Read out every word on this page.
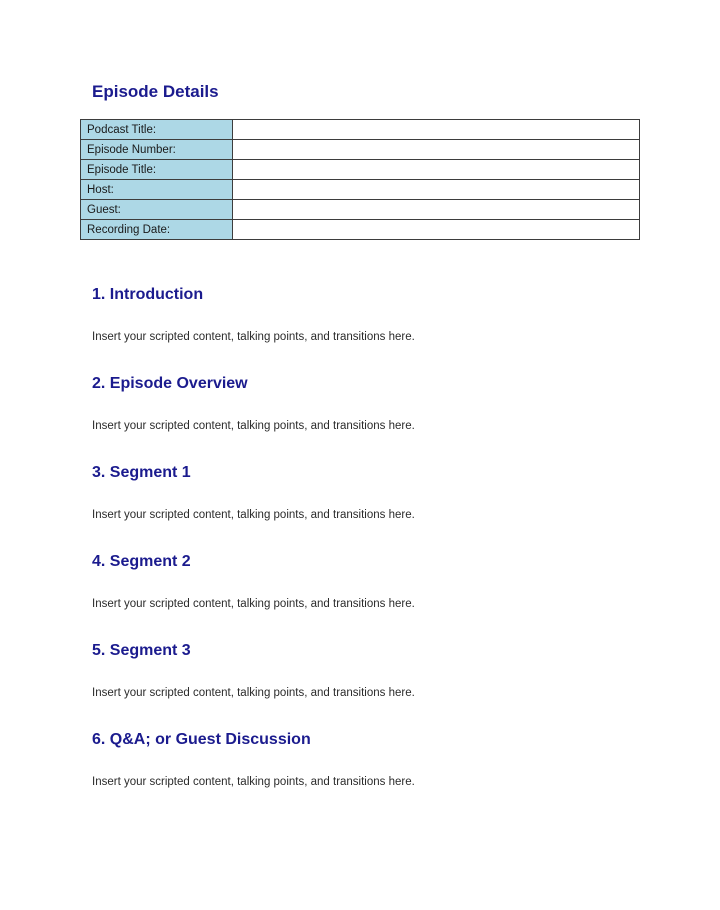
Episode Details
Podcast Title:	
Episode Number:	
Episode Title:	
Host:	
Guest:	
Recording Date:	
1. Introduction

Insert your scripted content, talking points, and transitions here.

2. Episode Overview

Insert your scripted content, talking points, and transitions here.

3. Segment 1

Insert your scripted content, talking points, and transitions here.

4. Segment 2

Insert your scripted content, talking points, and transitions here.

5. Segment 3

Insert your scripted content, talking points, and transitions here.

6. Q&A; or Guest Discussion

Insert your scripted content, talking points, and transitions here.
